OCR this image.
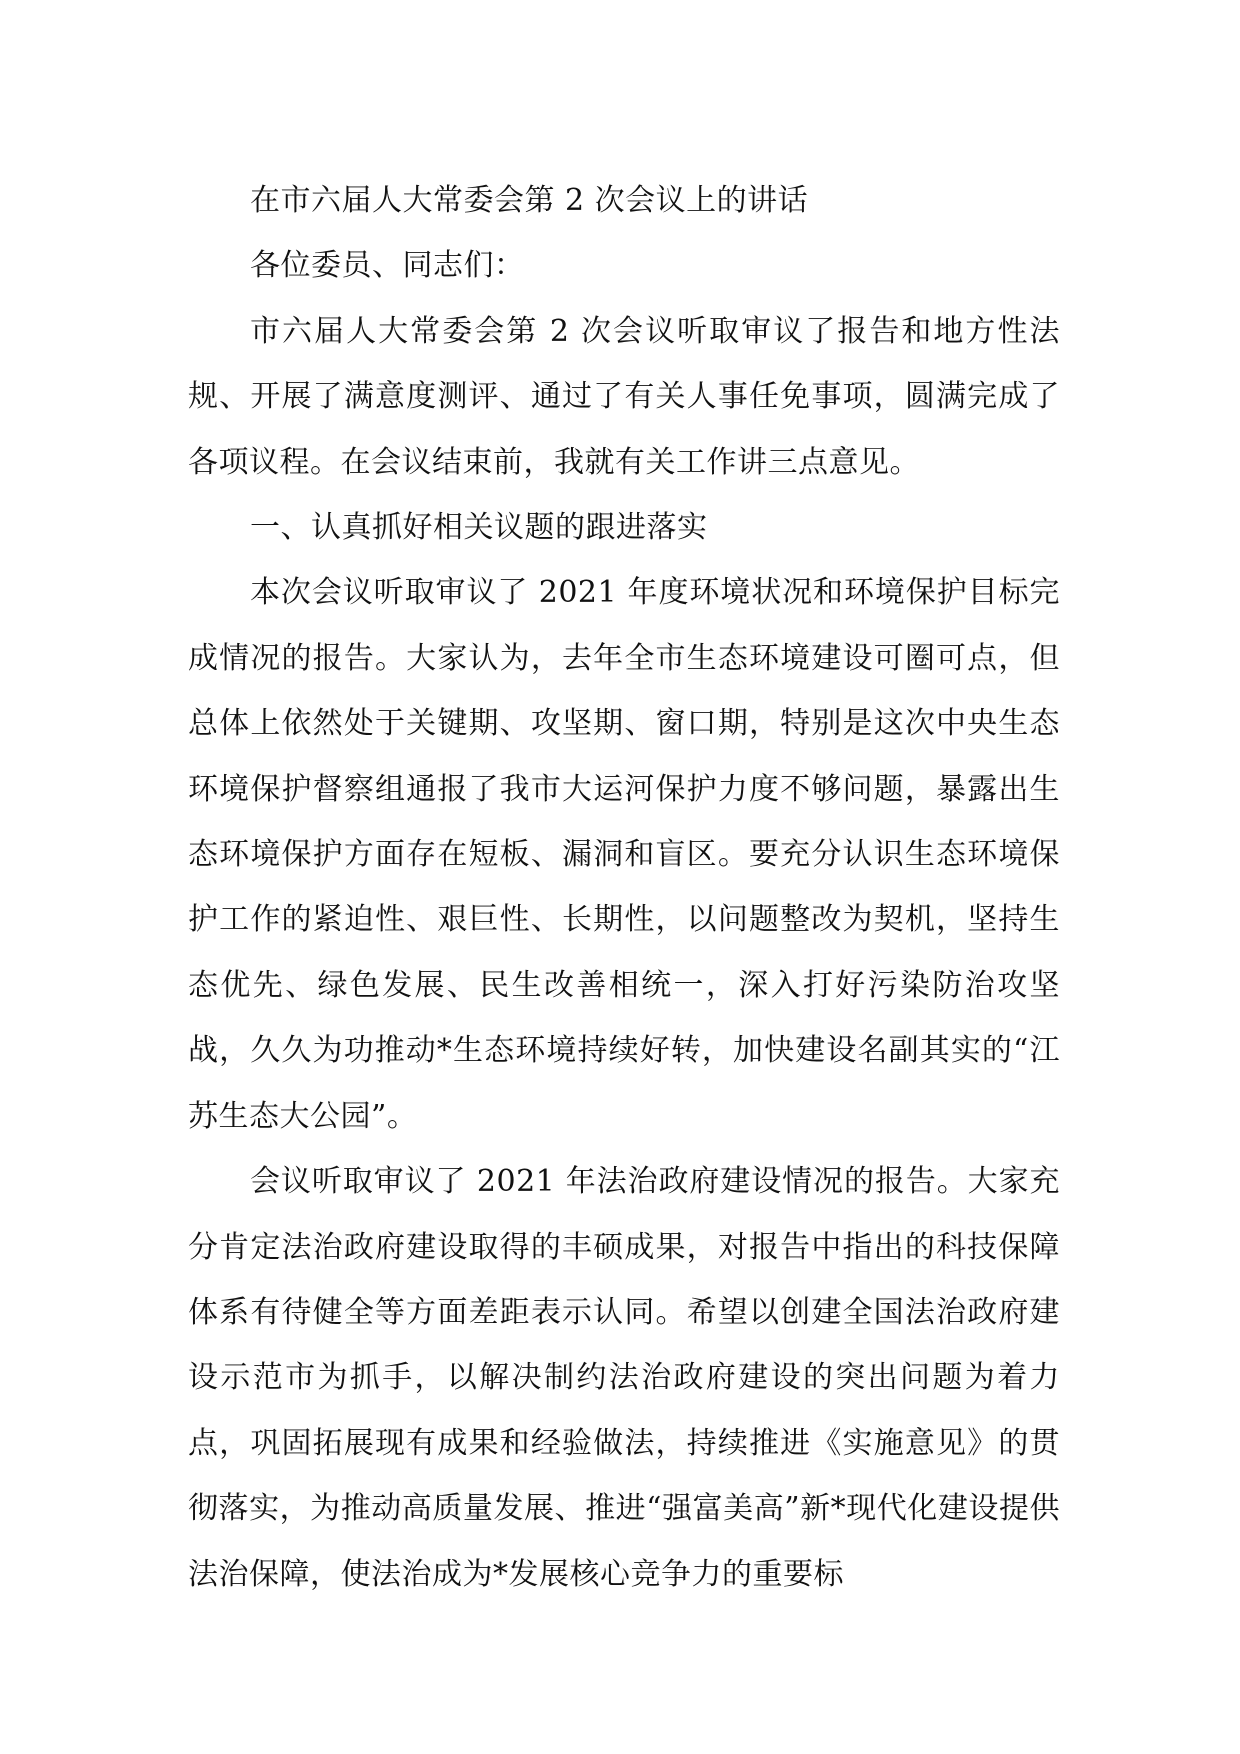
在市六届人大常委会第 2 次会议上的讲话

各位委员、同志们：

市六届人大常委会第 2 次会议听取审议了报告和地方性法规、开展了满意度测评、通过了有关人事任免事项，圆满完成了各项议程。在会议结束前，我就有关工作讲三点意见。

一、认真抓好相关议题的跟进落实

本次会议听取审议了 2021 年度环境状况和环境保护目标完成情况的报告。大家认为，去年全市生态环境建设可圈可点，但总体上依然处于关键期、攻坚期、窗口期，特别是这次中央生态环境保护督察组通报了我市大运河保护力度不够问题，暴露出生态环境保护方面存在短板、漏洞和盲区。要充分认识生态环境保护工作的紧迫性、艰巨性、长期性，以问题整改为契机，坚持生态优先、绿色发展、民生改善相统一，深入打好污染防治攻坚战，久久为功推动*生态环境持续好转，加快建设名副其实的“江苏生态大公园”。

会议听取审议了 2021 年法治政府建设情况的报告。大家充分肯定法治政府建设取得的丰硕成果，对报告中指出的科技保障体系有待健全等方面差距表示认同。希望以创建全国法治政府建设示范市为抓手，以解决制约法治政府建设的突出问题为着力点，巩固拓展现有成果和经验做法，持续推进《实施意见》的贯彻落实，为推动高质量发展、推进“强富美高”新*现代化建设提供法治保障，使法治成为*发展核心竞争力的重要标
